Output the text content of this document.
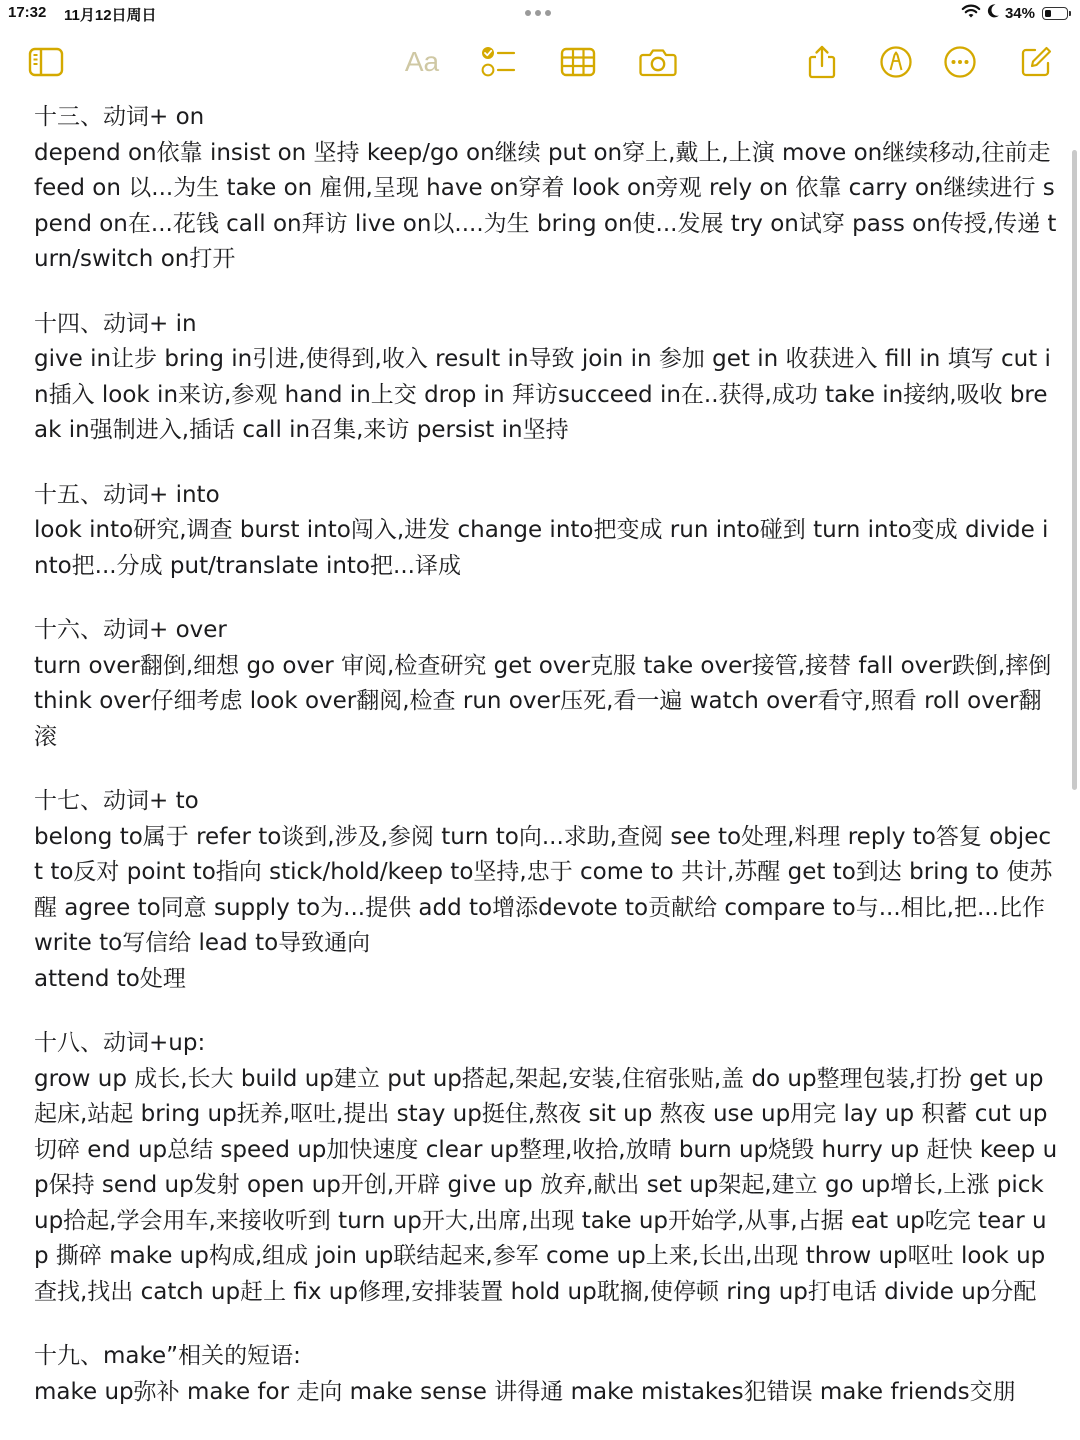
17:32 11月12日周日	34%
Aa
十三、动词+ on
depend on依靠 insist on 坚持 keep/go on继续 put on穿上,戴上,上演 move on继续移动,往前走 feed on 以...为生 take on 雇佣,呈现 have on穿着 look on旁观 rely on 依靠 carry on继续进行 spend on在...花钱 call on拜访 live on以....为生 bring on使...发展 try on试穿 pass on传授,传递 turn/switch on打开
十四、动词+ in
give in让步 bring in引进,使得到,收入 result in导致 join in 参加 get in 收获进入 fill in 填写 cut in插入 look in来访,参观 hand in上交 drop in 拜访succeed in在..获得,成功 take in接纳,吸收 break in强制进入,插话 call in召集,来访 persist in坚持
十五、动词+ into
look into研究,调查 burst into闯入,进发 change into把变成 run into碰到 turn into变成 divide into把...分成 put/translate into把...译成
十六、动词+ over
turn over翻倒,细想 go over 审阅,检查研究 get over克服 take over接管,接替 fall over跌倒,摔倒 think over仔细考虑 look over翻阅,检查 run over压死,看一遍 watch over看守,照看 roll over翻滚
十七、动词+ to
belong to属于 refer to谈到,涉及,参阅 turn to向...求助,查阅 see to处理,料理 reply to答复 object to反对 point to指向 stick/hold/keep to坚持,忠于 come to 共计,苏醒 get to到达 bring to 使苏醒 agree to同意 supply to为...提供 add to增添devote to贡献给 compare to与...相比,把...比作 write to写信给 lead to导致通向
attend to处理
十八、动词+up:
grow up 成长,长大 build up建立 put up搭起,架起,安装,住宿张贴,盖 do up整理包装,打扮 get up 起床,站起 bring up抚养,呕吐,提出 stay up挺住,熬夜 sit up 熬夜 use up用完 lay up 积蓄 cut up切碎 end up总结 speed up加快速度 clear up整理,收拾,放晴 burn up烧毁 hurry up 赶快 keep up保持 send up发射 open up开创,开辟 give up 放弃,献出 set up架起,建立 go up增长,上涨 pick up拾起,学会用车,来接收听到 turn up开大,出席,出现 take up开始学,从事,占据 eat up吃完 tear up 撕碎 make up构成,组成 join up联结起来,参军 come up上来,长出,出现 throw up呕吐 look up查找,找出 catch up赶上 fix up修理,安排装置 hold up耽搁,使停顿 ring up打电话 divide up分配
十九、make”相关的短语:
make up弥补 make for 走向 make sense 讲得通 make mistakes犯错误 make friends交朋
